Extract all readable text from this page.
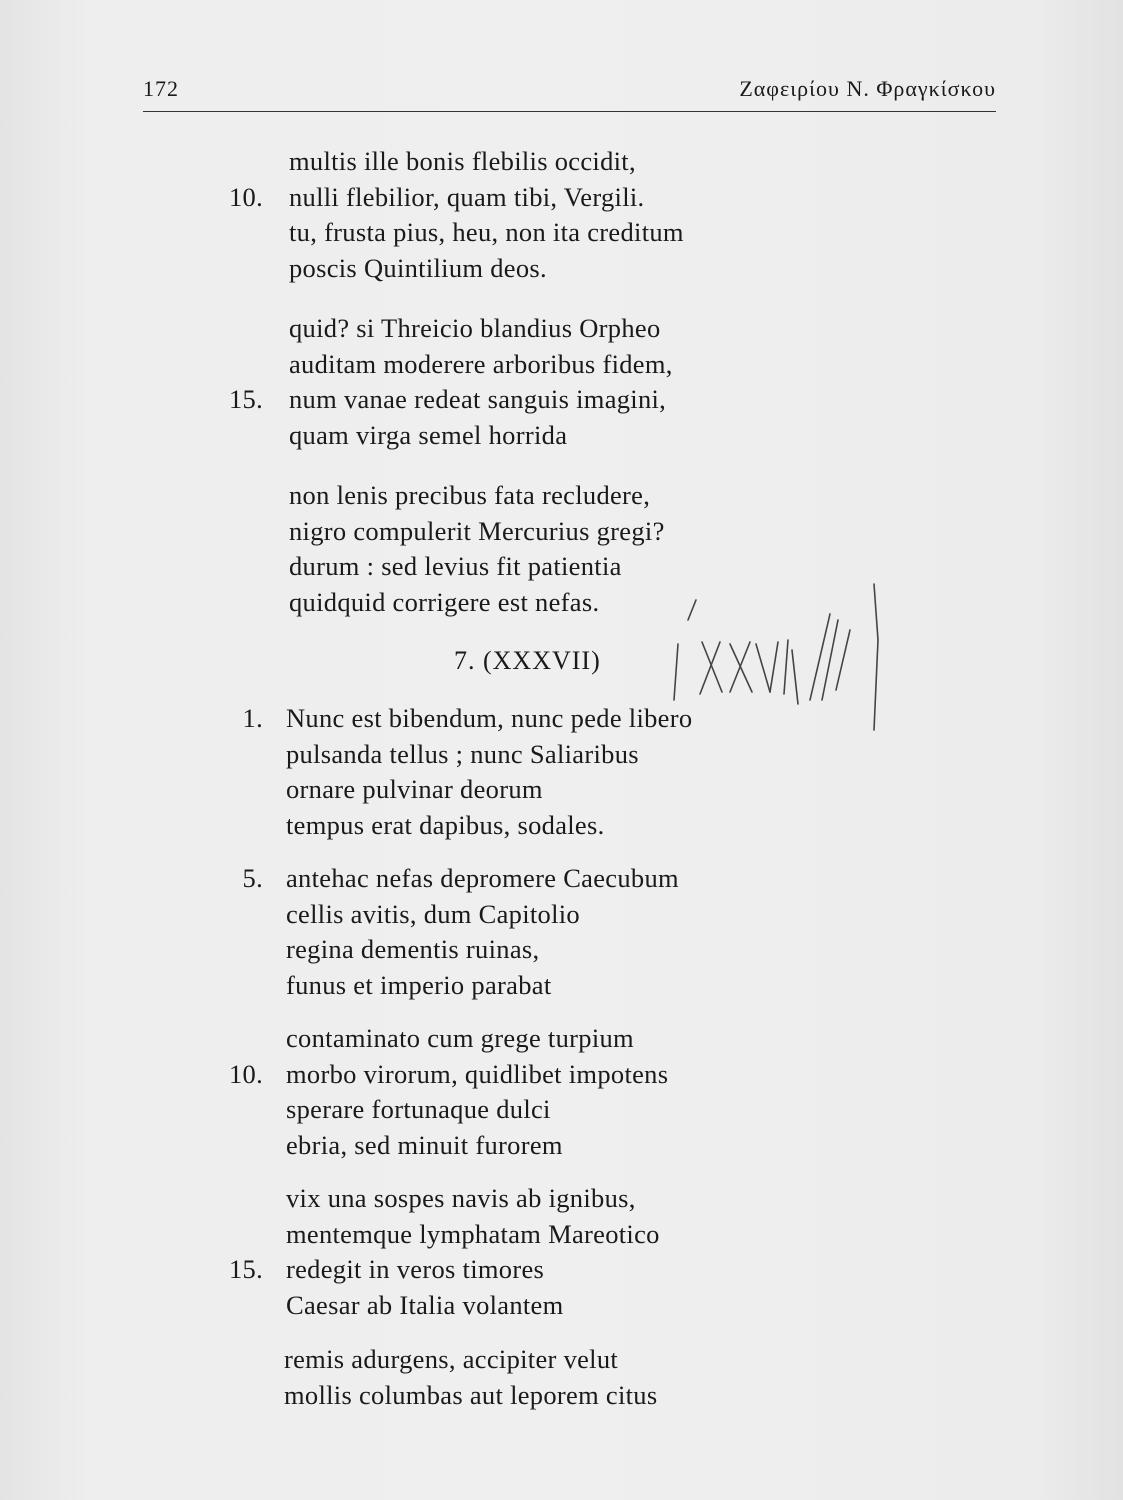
172	Ζαφειρίου Ν. Φραγκίσκου
multis ille bonis flebilis occidit,
10. nulli flebilior, quam tibi, Vergili.
tu, frusta pius, heu, non ita creditum
poscis Quintilium deos.
quid? si Threicio blandius Orpheo
auditam moderere arboribus fidem,
15. num vanae redeat sanguis imagini,
quam virga semel horrida
non lenis precibus fata recludere,
nigro compulerit Mercurius gregi?
durum : sed levius fit patientia
quidquid corrigere est nefas.
7. (XXXVII)
1. Nunc est bibendum, nunc pede libero
pulsanda tellus ; nunc Saliaribus
ornare pulvinar deorum
tempus erat dapibus, sodales.
5. antehac nefas depromere Caecubum
cellis avitis, dum Capitolio
regina dementis ruinas,
funus et imperio parabat
contaminato cum grege turpium
10. morbo virorum, quidlibet impotens
sperare fortunaque dulci
ebria, sed minuit furorem
vix una sospes navis ab ignibus,
mentemque lymphatam Mareotico
15. redegit in veros timores
Caesar ab Italia volantem
remis adurgens, accipiter velut
mollis columbas aut leporem citus
